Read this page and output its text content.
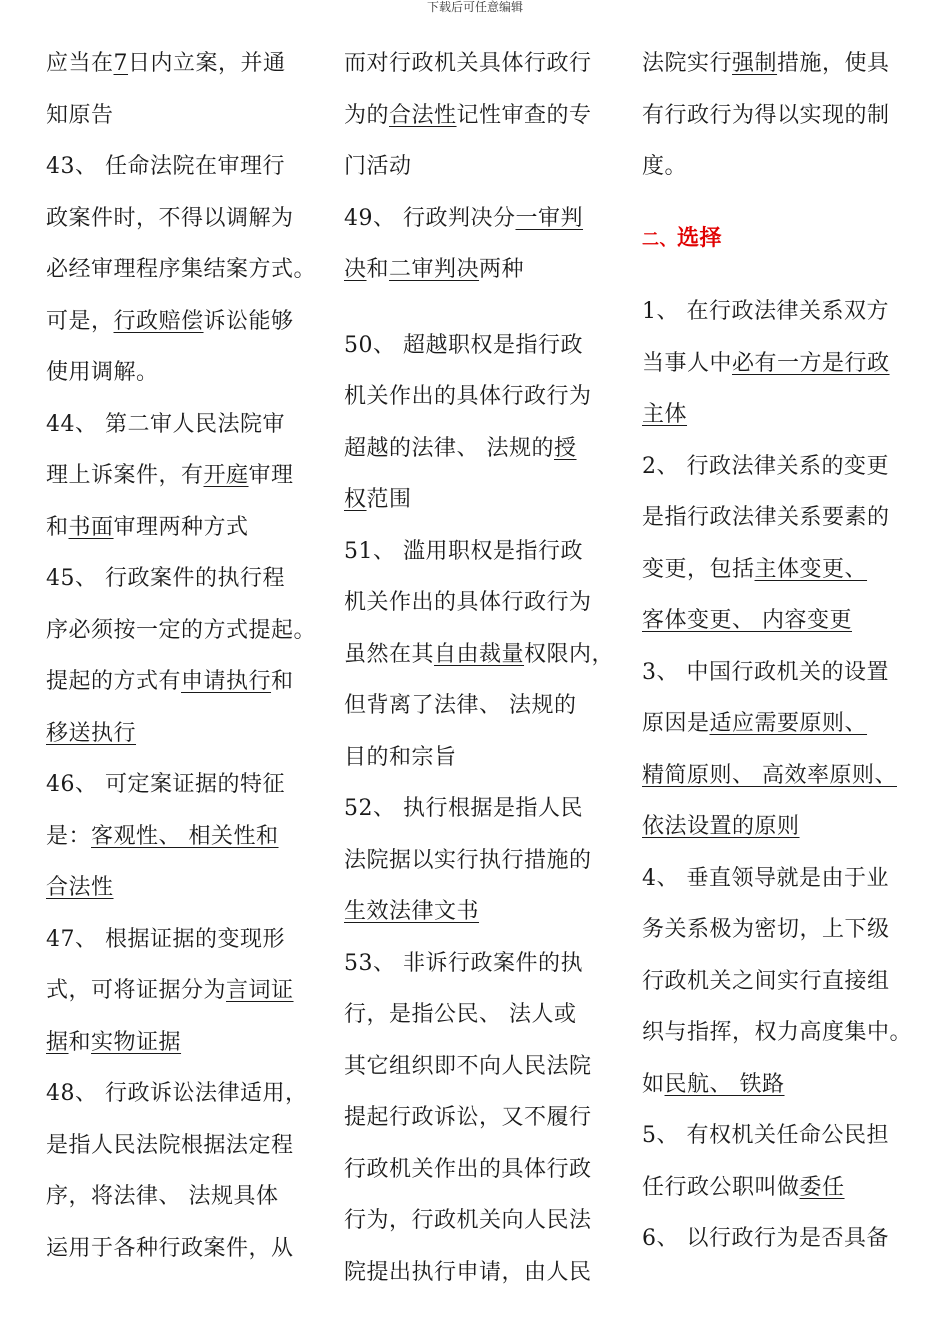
下载后可任意编辑
应当在7日内立案，并通
知原告
43、 任命法院在审理行
政案件时，不得以调解为
必经审理程序集结案方式。
可是，行政赔偿诉讼能够
使用调解。
44、 第二审人民法院审
理上诉案件，有开庭审理
和书面审理两种方式
45、 行政案件的执行程
序必须按一定的方式提起。
提起的方式有申请执行和
移送执行
46、 可定案证据的特征
是：客观性、 相关性和
合法性
47、 根据证据的变现形
式，可将证据分为言词证
据和实物证据
48、 行政诉讼法律适用，
是指人民法院根据法定程
序，将法律、 法规具体
运用于各种行政案件，从
而对行政机关具体行政行
为的合法性记性审查的专
门活动
49、 行政判决分一审判
决和二审判决两种
50、 超越职权是指行政
机关作出的具体行政行为
超越的法律、 法规的授
权范围
51、 滥用职权是指行政
机关作出的具体行政行为
虽然在其自由裁量权限内，
但背离了法律、 法规的
目的和宗旨
52、 执行根据是指人民
法院据以实行执行措施的
生效法律文书
53、 非诉行政案件的执
行，是指公民、 法人或
其它组织即不向人民法院
提起行政诉讼，又不履行
行政机关作出的具体行政
行为，行政机关向人民法
院提出执行申请，由人民
法院实行强制措施，使具
有行政行为得以实现的制
度。
二、选择
1、 在行政法律关系双方
当事人中必有一方是行政
主体
2、 行政法律关系的变更
是指行政法律关系要素的
变更，包括主体变更、
客体变更、 内容变更
3、 中国行政机关的设置
原因是适应需要原则、
精简原则、 高效率原则、
依法设置的原则
4、 垂直领导就是由于业
务关系极为密切，上下级
行政机关之间实行直接组
织与指挥，权力高度集中。
如民航、 铁路
5、 有权机关任命公民担
任行政公职叫做委任
6、 以行政行为是否具备
